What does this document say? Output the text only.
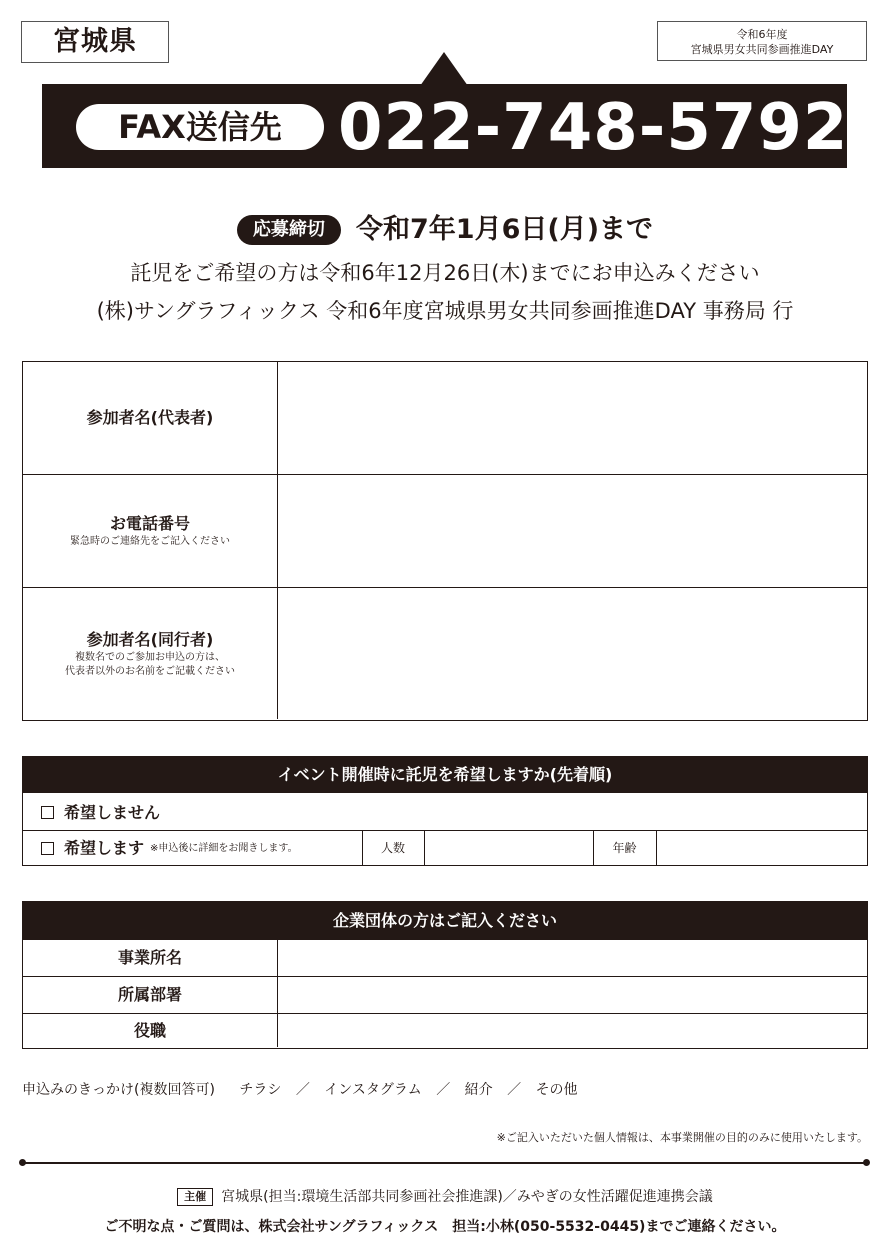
宮城県	令和6年度
宮城県男女共同参画推進DAY
FAX送信先 022-748-5792
応募締切 令和7年1月6日(月)まで
託児をご希望の方は令和6年12月26日(木)までにお申込みください
(株)サングラフィックス 令和6年度宮城県男女共同参画推進DAY 事務局 行
参加者名(代表者)
お電話番号
緊急時のご連絡先をご記入ください
参加者名(同行者)
複数名でのご参加お申込の方は、
代表者以外のお名前をご記載ください
イベント開催時に託児を希望しますか(先着順)
希望しません
希望します ※申込後に詳細をお聞きします。	人数	年齢
企業団体の方はご記入ください
事業所名
所属部署
役職
申込みのきっかけ(複数回答可) チラシ ／ インスタグラム ／ 紹介 ／ その他
※ご記入いただいた個人情報は、本事業開催の目的のみに使用いたします。
主催 宮城県(担当:環境生活部共同参画社会推進課)／みやぎの女性活躍促進連携会議
ご不明な点・ご質問は、株式会社サングラフィックス　担当:小林(050-5532-0445)までご連絡ください。
